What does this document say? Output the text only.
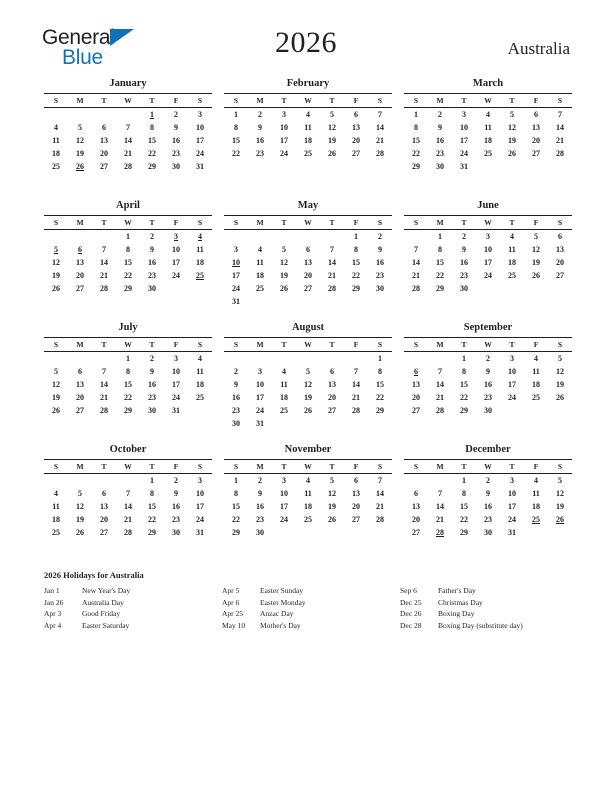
General
Blue	2026	Australia
January
S	M	T	W	T	F	S
				1	2	3
4	5	6	7	8	9	10
11	12	13	14	15	16	17
18	19	20	21	22	23	24
25	26	27	28	29	30	31

February
S	M	T	W	T	F	S
1	2	3	4	5	6	7
8	9	10	11	12	13	14
15	16	17	18	19	20	21
22	23	24	25	26	27	28

March
S	M	T	W	T	F	S
1	2	3	4	5	6	7
8	9	10	11	12	13	14
15	16	17	18	19	20	21
22	23	24	25	26	27	28
29	30	31				

April
S	M	T	W	T	F	S
			1	2	3	4
5	6	7	8	9	10	11
12	13	14	15	16	17	18
19	20	21	22	23	24	25
26	27	28	29	30		

May
S	M	T	W	T	F	S
					1	2
3	4	5	6	7	8	9
10	11	12	13	14	15	16
17	18	19	20	21	22	23
24	25	26	27	28	29	30
31						
June
S	M	T	W	T	F	S
	1	2	3	4	5	6
7	8	9	10	11	12	13
14	15	16	17	18	19	20
21	22	23	24	25	26	27
28	29	30				

July
S	M	T	W	T	F	S
			1	2	3	4
5	6	7	8	9	10	11
12	13	14	15	16	17	18
19	20	21	22	23	24	25
26	27	28	29	30	31	

August
S	M	T	W	T	F	S
						1
2	3	4	5	6	7	8
9	10	11	12	13	14	15
16	17	18	19	20	21	22
23	24	25	26	27	28	29
30	31					
September
S	M	T	W	T	F	S
		1	2	3	4	5
6	7	8	9	10	11	12
13	14	15	16	17	18	19
20	21	22	23	24	25	26
27	28	29	30			

October
S	M	T	W	T	F	S
				1	2	3
4	5	6	7	8	9	10
11	12	13	14	15	16	17
18	19	20	21	22	23	24
25	26	27	28	29	30	31

November
S	M	T	W	T	F	S
1	2	3	4	5	6	7
8	9	10	11	12	13	14
15	16	17	18	19	20	21
22	23	24	25	26	27	28
29	30					

December
S	M	T	W	T	F	S
		1	2	3	4	5
6	7	8	9	10	11	12
13	14	15	16	17	18	19
20	21	22	23	24	25	26
27	28	29	30	31		

2026 Holidays for Australia
Jan 1	New Year's Day
Jan 26	Australia Day
Apr 3	Good Friday
Apr 4	Easter Saturday
Apr 5	Easter Sunday
Apr 6	Easter Monday
Apr 25	Anzac Day
May 10	Mother's Day
Sep 6	Father's Day
Dec 25	Christmas Day
Dec 26	Boxing Day
Dec 28	Boxing Day (substitute day)
